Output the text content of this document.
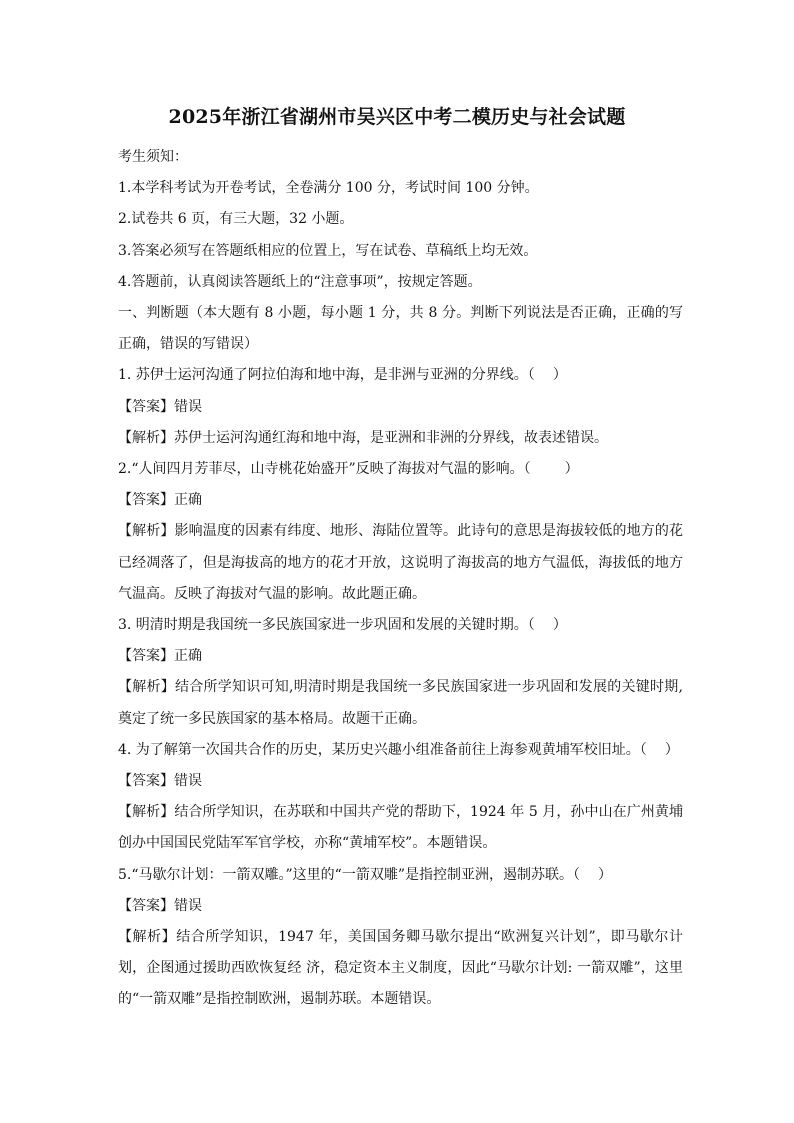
2025年浙江省湖州市吴兴区中考二模历史与社会试题
考生须知：
1.本学科考试为开卷考试，全卷满分 100 分，考试时间 100 分钟。
2.试卷共 6 页，有三大题，32 小题。
3.答案必须写在答题纸相应的位置上，写在试卷、草稿纸上均无效。
4.答题前，认真阅读答题纸上的“注意事项”，按规定答题。
一、判断题（本大题有 8 小题，每小题 1 分，共 8 分。判断下列说法是否正确，正确的写正确，错误的写错误）
1. 苏伊士运河沟通了阿拉伯海和地中海，是非洲与亚洲的分界线。（ ）
【答案】错误
【解析】苏伊士运河沟通红海和地中海，是亚洲和非洲的分界线，故表述错误。
2.“人间四月芳菲尽，山寺桃花始盛开”反映了海拔对气温的影响。（ ）
【答案】正确
【解析】影响温度的因素有纬度、地形、海陆位置等。此诗句的意思是海拔较低的地方的花已经凋落了，但是海拔高的地方的花才开放，这说明了海拔高的地方气温低，海拔低的地方气温高。反映了海拔对气温的影响。故此题正确。
3. 明清时期是我国统一多民族国家进一步巩固和发展的关键时期。（ ）
【答案】正确
【解析】结合所学知识可知,明清时期是我国统一多民族国家进一步巩固和发展的关键时期,奠定了统一多民族国家的基本格局。故题干正确。
4. 为了解第一次国共合作的历史，某历史兴趣小组准备前往上海参观黄埔军校旧址。（ ）
【答案】错误
【解析】结合所学知识，在苏联和中国共产党的帮助下，1924 年 5 月，孙中山在广州黄埔创办中国国民党陆军军官学校，亦称“黄埔军校”。本题错误。
5.“马歇尔计划：一箭双雕。”这里的“一箭双雕”是指控制亚洲，遏制苏联。（ ）
【答案】错误
【解析】结合所学知识，1947 年，美国国务卿马歇尔提出“欧洲复兴计划”，即马歇尔计划，企图通过援助西欧恢复经 济，稳定资本主义制度，因此“马歇尔计划: 一箭双雕”，这里的“一箭双雕”是指控制欧洲，遏制苏联。本题错误。
